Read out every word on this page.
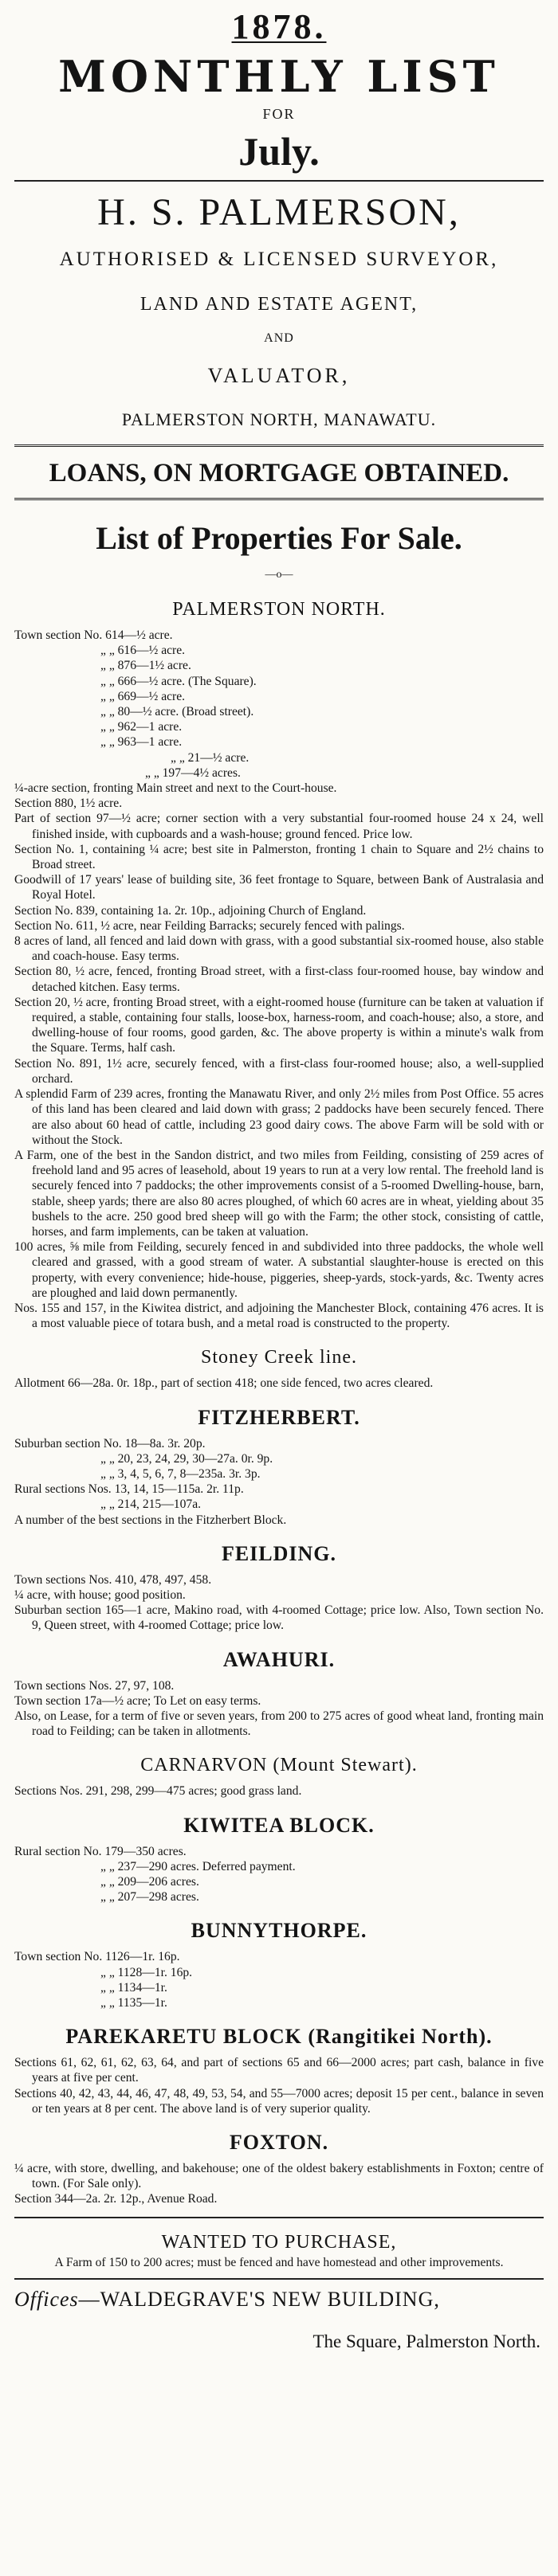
1878.
MONTHLY LIST
FOR
July.
H. S. PALMERSON,
AUTHORISED & LICENSED SURVEYOR,
LAND AND ESTATE AGENT,
AND
VALUATOR,
PALMERSTON NORTH, MANAWATU.
LOANS, ON MORTGAGE OBTAINED.
List of Properties For Sale.
—o—
PALMERSTON NORTH.
Town section No. 614—½ acre.
„ „ 616—½ acre.
„ „ 876—1½ acre.
„ „ 666—½ acre. (The Square).
„ „ 669—½ acre.
„ „ 80—½ acre. (Broad street).
„ „ 962—1 acre.
„ „ 963—1 acre.
„ „ 21—½ acre.
„ „ 197—4½ acres.
¼-acre section, fronting Main street and next to the Court-house.
Section 880, 1½ acre.
Part of section 97—½ acre; corner section with a very substantial four-roomed house 24 x 24, well finished inside, with cupboards and a wash-house; ground fenced. Price low.
Section No. 1, containing ¼ acre; best site in Palmerston, fronting 1 chain to Square and 2½ chains to Broad street.
Goodwill of 17 years' lease of building site, 36 feet frontage to Square, between Bank of Australasia and Royal Hotel.
Section No. 839, containing 1a. 2r. 10p., adjoining Church of England.
Section No. 611, ½ acre, near Feilding Barracks; securely fenced with palings.
8 acres of land, all fenced and laid down with grass, with a good substantial six-roomed house, also stable and coach-house. Easy terms.
Section 80, ½ acre, fenced, fronting Broad street, with a first-class four-roomed house, bay window and detached kitchen. Easy terms.
Section 20, ½ acre, fronting Broad street, with a eight-roomed house (furniture can be taken at valuation if required, a stable, containing four stalls, loose-box, harness-room, and coach-house; also, a store, and dwelling-house of four rooms, good garden, &c. The above property is within a minute's walk from the Square. Terms, half cash.
Section No. 891, 1½ acre, securely fenced, with a first-class four-roomed house; also, a well-supplied orchard.
A splendid Farm of 239 acres, fronting the Manawatu River, and only 2½ miles from Post Office. 55 acres of this land has been cleared and laid down with grass; 2 paddocks have been securely fenced. There are also about 60 head of cattle, including 23 good dairy cows. The above Farm will be sold with or without the Stock.
A Farm, one of the best in the Sandon district, and two miles from Feilding, consisting of 259 acres of freehold land and 95 acres of leasehold, about 19 years to run at a very low rental. The freehold land is securely fenced into 7 paddocks; the other improvements consist of a 5-roomed Dwelling-house, barn, stable, sheep yards; there are also 80 acres ploughed, of which 60 acres are in wheat, yielding about 35 bushels to the acre. 250 good bred sheep will go with the Farm; the other stock, consisting of cattle, horses, and farm implements, can be taken at valuation.
100 acres, ⅝ mile from Feilding, securely fenced in and subdivided into three paddocks, the whole well cleared and grassed, with a good stream of water. A substantial slaughter-house is erected on this property, with every convenience; hide-house, piggeries, sheep-yards, stock-yards, &c. Twenty acres are ploughed and laid down permanently.
Nos. 155 and 157, in the Kiwitea district, and adjoining the Manchester Block, containing 476 acres. It is a most valuable piece of totara bush, and a metal road is constructed to the property.
Stoney Creek line.
Allotment 66—28a. 0r. 18p., part of section 418; one side fenced, two acres cleared.
FITZHERBERT.
Suburban section No. 18—8a. 3r. 20p.
„ „ 20, 23, 24, 29, 30—27a. 0r. 9p.
„ „ 3, 4, 5, 6, 7, 8—235a. 3r. 3p.
Rural sections Nos. 13, 14, 15—115a. 2r. 11p.
„ „ 214, 215—107a.
A number of the best sections in the Fitzherbert Block.
FEILDING.
Town sections Nos. 410, 478, 497, 458.
¼ acre, with house; good position.
Suburban section 165—1 acre, Makino road, with 4-roomed Cottage; price low. Also, Town section No. 9, Queen street, with 4-roomed Cottage; price low.
AWAHURI.
Town sections Nos. 27, 97, 108.
Town section 17a—½ acre; To Let on easy terms.
Also, on Lease, for a term of five or seven years, from 200 to 275 acres of good wheat land, fronting main road to Feilding; can be taken in allotments.
CARNARVON (Mount Stewart).
Sections Nos. 291, 298, 299—475 acres; good grass land.
KIWITEA BLOCK.
Rural section No. 179—350 acres.
„ „ 237—290 acres. Deferred payment.
„ „ 209—206 acres.
„ „ 207—298 acres.
BUNNYTHORPE.
Town section No. 1126—1r. 16p.
„ „ 1128—1r. 16p.
„ „ 1134—1r.
„ „ 1135—1r.
PAREKARETU BLOCK (Rangitikei North).
Sections 61, 62, 61, 62, 63, 64, and part of sections 65 and 66—2000 acres; part cash, balance in five years at five per cent.
Sections 40, 42, 43, 44, 46, 47, 48, 49, 53, 54, and 55—7000 acres; deposit 15 per cent., balance in seven or ten years at 8 per cent. The above land is of very superior quality.
FOXTON.
¼ acre, with store, dwelling, and bakehouse; one of the oldest bakery establishments in Foxton; centre of town. (For Sale only).
Section 344—2a. 2r. 12p., Avenue Road.
WANTED TO PURCHASE,
A Farm of 150 to 200 acres; must be fenced and have homestead and other improvements.
Offices—WALDEGRAVE'S NEW BUILDING,
The Square, Palmerston North.
